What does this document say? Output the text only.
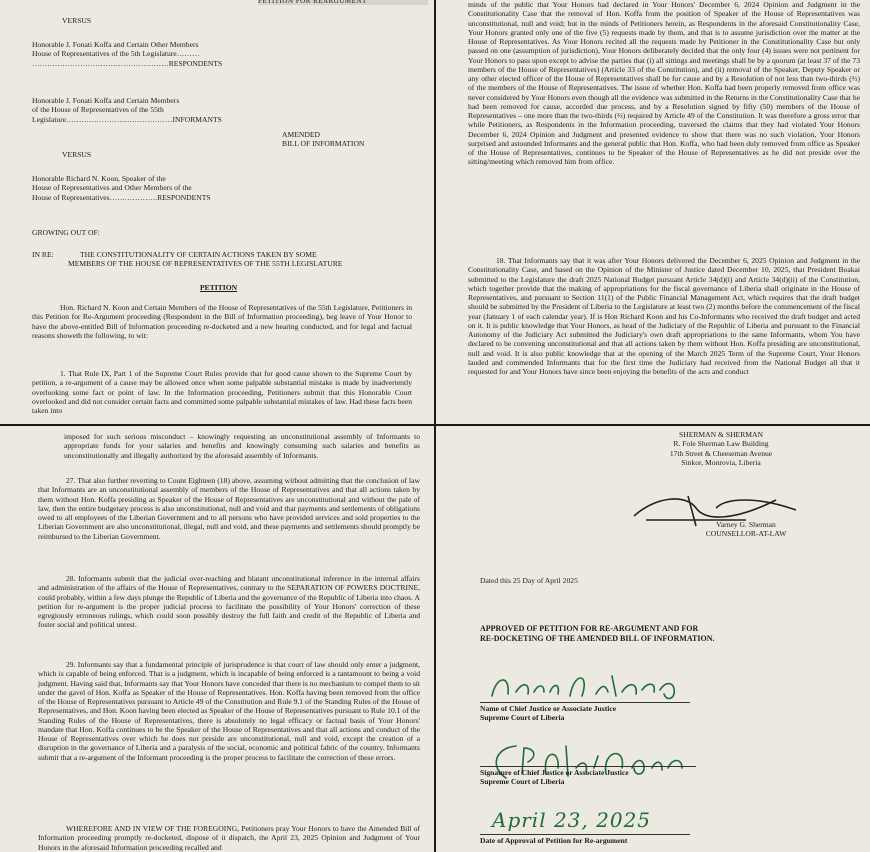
PETITION FOR REARGUMENT
VERSUS
Honorable J. Fonati Koffa and Certain Other Members
House of Representatives of the 5th Legislature………
………………………………………………RESPONDENTS
Honorable J. Fonati Koffa and Certain Members
of the House of Representatives of the 55th
Legislature……………………………………INFORMANTS
AMENDED
BILL OF INFORMATION
VERSUS
Honorable Richard N. Koon, Speaker of the
House of Representatives and Other Members of the
House of Representatives……………….RESPONDENTS
GROWING OUT OF:
IN RE:	THE CONSTITUTIONALITY OF CERTAIN ACTIONS TAKEN BY SOME
MEMBERS OF THE HOUSE OF REPRESENTATIVES OF THE 55TH LEGISLATURE
PETITION

Hon. Richard N. Koon and Certain Members of the House of Representatives of the 55th Legislature, Petitioners in this Petition for Re-Argument proceeding (Respondent in the Bill of Information proceeding), beg leave of Your Honor to have the above-entitled Bill of Information proceeding re-docketed and a new hearing conducted, and for legal and factual reasons showeth the following, to wit:

1. That Rule IX, Part 1 of the Supreme Court Rules provide that for good cause shown to the Supreme Court by petition, a re-argument of a cause may be allowed once when some palpable substantial mistake is made by inadvertently overlooking some fact or point of law. In the Information proceeding, Petitioners submit that this Honorable Court overlooked and did not consider certain facts and committed some palpable substantial mistakes of law. Had these facts been taken into

minds of the public that Your Honors had declared in Your Honors' December 6, 2024 Opinion and Judgment in the Constitutionality Case that the removal of Hon. Koffa from the position of Speaker of the House of Representatives was unconstitutional, null and void; but in the minds of Petitioners herein, as Respondents in the aforesaid Constitutionality Case, Your Honors granted only one of the five (5) requests made by them, and that is to assume jurisdiction over the matter at the House of Representatives. As Your Honors recited all the requests made by Petitioner in the Constitutionality Case but only passed on one (assumption of jurisdiction), Your Honors deliberately decided that the only four (4) issues were not pertinent for Your Honors to pass upon except to advise the parties that (i) all sittings and meetings shall be by a quorum (at least 37 of the 73 members of the House of Representatives) (Article 33 of the Constitution), and (ii) removal of the Speaker, Deputy Speaker or any other elected officer of the House of Representatives shall be for cause and by a Resolution of not less than two-thirds (⅔) of the members of the House of Representatives. The issue of whether Hon. Koffa had been properly removed from office was never considered by Your Honors even though all the evidence was submitted in the Returns in the Constitutionality Case that he had been removed for cause, accorded due process, and by a Resolution signed by fifty (50) members of the House of Representatives – one more than the two-thirds (⅔) required by Article 49 of the Constitution. It was therefore a gross error that while Petitioners, as Respondents in the Information proceeding, traversed the claims that they had violated Your Honors December 6, 2024 Opinion and Judgment and presented evidence to show that there was no such violation, Your Honors surprised and astounded Informants and the general public that Hon. Koffa, who had been duly removed from office as Speaker of the House of Representatives, continues to be Speaker of the House of Representatives as he did not preside over the sitting/meeting which removed him from office.

18. That Informants say that it was after Your Honors delivered the December 6, 2025 Opinion and Judgment in the Constitutionality Case, and based on the Opinion of the Minister of Justice dated December 10, 2025, that President Boakai submitted to the Legislature the draft 2025 National Budget pursuant Article 34(d)(i) and Article 34(d)(ii) of the Constitution, which together provide that the making of appropriations for the fiscal governance of Liberia shall originate in the House of Representatives, and pursuant to Section 11(1) of the Public Financial Management Act, which requires that the draft budget should be submitted by the President of Liberia to the Legislature at least two (2) months before the commencement of the fiscal year (January 1 of each calendar year). If is Hon Richard Koon and his Co-Informants who received the draft budget and acted on it. It is public knowledge that Your Honors, as head of the Judiciary of the Republic of Liberia and pursuant to the Financial Autonomy of the Judiciary Act submitted the Judiciary's own draft appropriations to the same Informants, whom You have declared to be convening unconstitutional and that all actions taken by them without Hon. Koffa presiding are unconstitutional, null and void. It is also public knowledge that at the opening of the March 2025 Term of the Supreme Court, Your Honors lauded and commended Informants that for the first time the Judiciary had received from the National Budget all that it requested for and Your Honors have since been enjoying the benefits of the acts and conduct

imposed for such serious misconduct – knowingly requesting an unconstitutional assembly of Informants to appropriate funds for your salaries and benefits and knowingly consuming such salaries and benefits as unconstitutionally and illegally authorized by the aforesaid assembly of Informants.

27. That also further reverting to Count Eighteen (18) above, assuming without admitting that the conclusion of law that Informants are an unconstitutional assembly of members of the House of Representatives and that all actions taken by them without Hon. Koffa presiding as Speaker of the House of Representatives are unconstitutional and without the pale of law, then the entire budgetary process is also unconstitutional, null and void and that payments and settlements of obligations owed to all employees of the Liberian Government and to all persons who have provided services and sold properties to the Liberian Government are also unconstitutional, illegal, null and void, and these payments and settlements should promptly be reimbursed to the Liberian Government.

28. Informants submit that the judicial over-reaching and blatant unconstitutional inference in the internal affairs and administration of the affairs of the House of Representatives, contrary to the SEPARATION OF POWERS DOCTRINE, could probably, within a few days plunge the Republic of Liberia and the governance of the Republic of Liberia into chaos. A petition for re-argument is the proper judicial process to facilitate the possibility of Your Honors' correction of these egregiously erroneous rulings, which could soon possibly destroy the full faith and credit of the Republic of Liberia and foster social and political unrest.

29. Informants say that a fundamental principle of jurisprudence is that court of law should only enter a judgment, which is capable of being enforced. That is a judgment, which is incapable of being enforced is a tantamount to being a void judgment. Having said that, Informants say that Your Honors have conceded that there is no mechanism to compel them to sit under the gavel of Hon. Koffa as Speaker of the House of Representatives. Hon. Koffa having been removed from the office of the House of Representatives pursuant to Article 49 of the Constitution and Rule 9.1 of the Standing Rules of the House of Representatives, and Hon. Koon having been elected as Speaker of the House of Representatives pursuant to Rule 10.1 of the Standing Rules of the House of Representatives, there is absolutely no legal efficacy or factual basis of Your Honors' mandate that Hon. Koffa continues to be the Speaker of the House of Representatives and that all actions and conduct of the House of Representatives over which he does not preside are unconstitutional, null and void, except the creation of a disruption in the governance of Liberia and a paralysis of the social, economic and political fabric of the country. Informants submit that a re-argument of the Informant proceeding is the proper process to facilitate the correction of these errors.

WHEREFORE AND IN VIEW OF THE FOREGOING, Petitioners pray Your Honors to have the Amended Bill of Information proceeding promptly re-docketed, dispose of it dispatch, the April 23, 2025 Opinion and Judgment of Your Honors in the aforesaid Information proceeding recalled and

SHERMAN & SHERMAN
R. Fole Sherman Law Building
17th Street & Cheeseman Avenue
Sinkor, Monrovia, Liberia
Varney G. Sherman
COUNSELLOR-AT-LAW
Dated this 25 Day of April 2025
APPROVED OF PETITION FOR RE-ARGUMENT AND FOR
RE-DOCKETING OF THE AMENDED BILL OF INFORMATION.
Name of Chief Justice or Associate Justice
Supreme Court of Liberia
Signature of Chief Justice or Associate Justice
Supreme Court of Liberia
April 23, 2025
Date of Approval of Petition for Re-argument
